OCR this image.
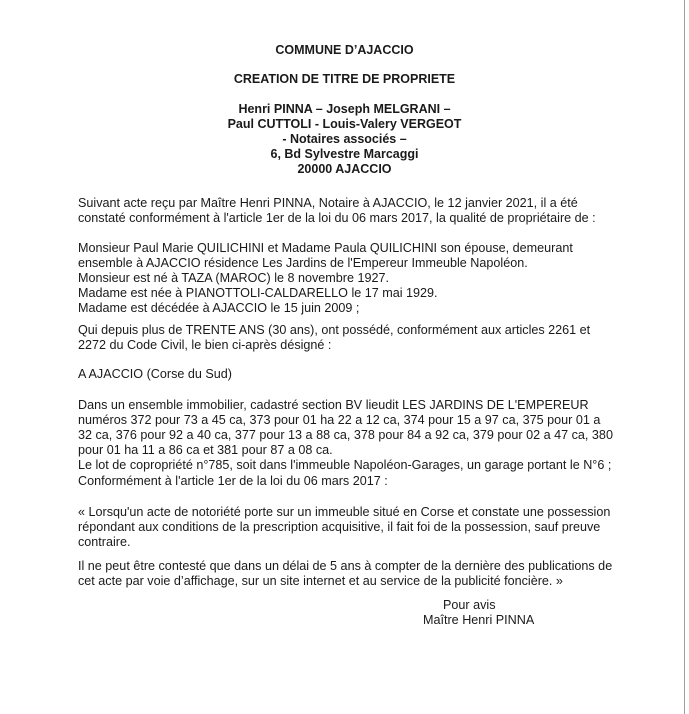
COMMUNE D’AJACCIO
CREATION DE TITRE DE PROPRIETE
Henri PINNA – Joseph MELGRANI –
Paul CUTTOLI - Louis-Valery VERGEOT
- Notaires associés –
6, Bd Sylvestre Marcaggi
20000 AJACCIO
Suivant acte reçu par Maître Henri PINNA, Notaire à AJACCIO, le 12 janvier 2021, il a été
constaté conformément à l'article 1er de la loi du 06 mars 2017, la qualité de propriétaire de :
Monsieur Paul Marie QUILICHINI et Madame Paula QUILICHINI son épouse, demeurant
ensemble à AJACCIO résidence Les Jardins de l'Empereur Immeuble Napoléon.
Monsieur est né à TAZA (MAROC) le 8 novembre 1927.
Madame est née à PIANOTTOLI-CALDARELLO le 17 mai 1929.
Madame est décédée à AJACCIO le 15 juin 2009 ;
Qui depuis plus de TRENTE ANS (30 ans), ont possédé, conformément aux articles 2261 et
2272 du Code Civil, le bien ci-après désigné :
A AJACCIO (Corse du Sud)
Dans un ensemble immobilier, cadastré section BV lieudit LES JARDINS DE L'EMPEREUR
numéros 372 pour 73 a 45 ca, 373 pour 01 ha 22 a 12 ca, 374 pour 15 a 97 ca, 375 pour 01 a
32 ca, 376 pour 92 a 40 ca, 377 pour 13 a 88 ca, 378 pour 84 a 92 ca, 379 pour 02 a 47 ca, 380
pour 01 ha 11 a 86 ca et 381 pour 87 a 08 ca.
Le lot de copropriété n°785, soit dans l'immeuble Napoléon-Garages, un garage portant le N°6 ;
Conformément à l'article 1er de la loi du 06 mars 2017 :
« Lorsqu'un acte de notoriété porte sur un immeuble situé en Corse et constate une possession
répondant aux conditions de la prescription acquisitive, il fait foi de la possession, sauf preuve
contraire.
Il ne peut être contesté que dans un délai de 5 ans à compter de la dernière des publications de
cet acte par voie d’affichage, sur un site internet et au service de la publicité foncière. »
Pour avis
Maître Henri PINNA
